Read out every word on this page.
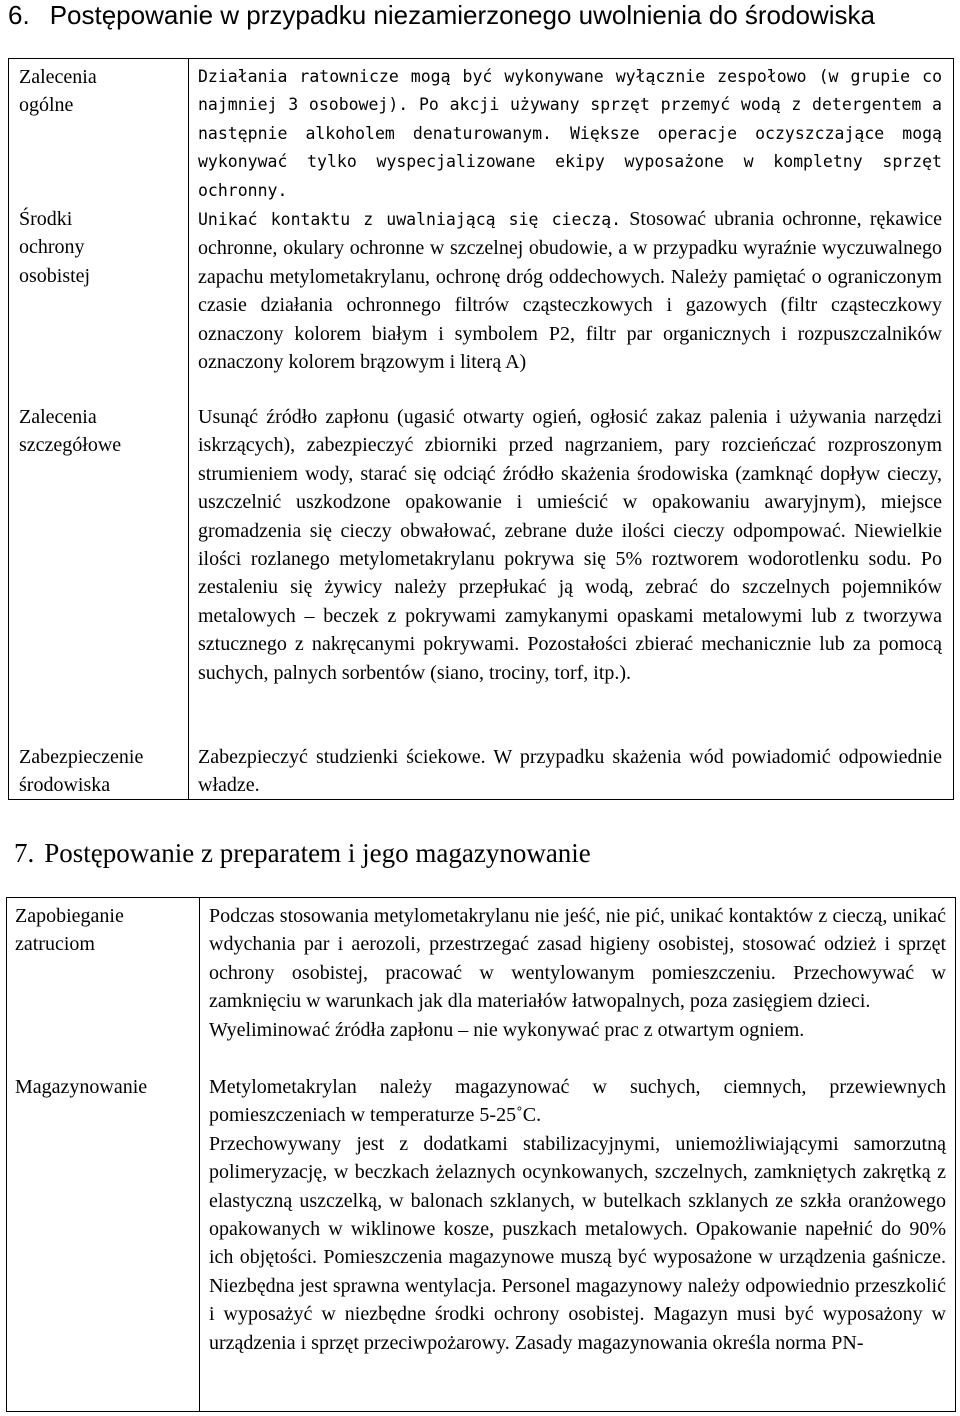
6. Postępowanie w przypadku niezamierzonego uwolnienia do środowiska
Zalecenia
ogólne

Działania ratownicze mogą być wykonywane wyłącznie zespołowo (w grupie co najmniej 3 osobowej). Po akcji używany sprzęt przemyć wodą z detergentem a następnie alkoholem denaturowanym. Większe operacje oczyszczające mogą wykonywać tylko wyspecjalizowane ekipy wyposażone w kompletny sprzęt ochronny.

Środki
ochrony
osobistej

Unikać kontaktu z uwalniającą się cieczą. Stosować ubrania ochronne, rękawice ochronne, okulary ochronne w szczelnej obudowie, a w przypadku wyraźnie wyczuwalnego zapachu metylometakrylanu, ochronę dróg oddechowych. Należy pamiętać o ograniczonym czasie działania ochronnego filtrów cząsteczkowych i gazowych (filtr cząsteczkowy oznaczony kolorem białym i symbolem P2, filtr par organicznych i rozpuszczalników oznaczony kolorem brązowym i literą A)

Zalecenia
szczegółowe

Usunąć źródło zapłonu (ugasić otwarty ogień, ogłosić zakaz palenia i używania narzędzi iskrzących), zabezpieczyć zbiorniki przed nagrzaniem, pary rozcieńczać rozproszonym strumieniem wody, starać się odciąć źródło skażenia środowiska (zamknąć dopływ cieczy, uszczelnić uszkodzone opakowanie i umieścić w opakowaniu awaryjnym), miejsce gromadzenia się cieczy obwałować, zebrane duże ilości cieczy odpompować. Niewielkie ilości rozlanego metylometakrylanu pokrywa się 5% roztworem wodorotlenku sodu. Po zestaleniu się żywicy należy przepłukać ją wodą, zebrać do szczelnych pojemników metalowych – beczek z pokrywami zamykanymi opaskami metalowymi lub z tworzywa sztucznego z nakręcanymi pokrywami. Pozostałości zbierać mechanicznie lub za pomocą suchych, palnych sorbentów (siano, trociny, torf, itp.).

Zabezpieczenie
środowiska

Zabezpieczyć studzienki ściekowe. W przypadku skażenia wód powiadomić odpowiednie władze.

7. Postępowanie z preparatem i jego magazynowanie
Zapobieganie
zatruciom

Podczas stosowania metylometakrylanu nie jeść, nie pić, unikać kontaktów z cieczą, unikać wdychania par i aerozoli, przestrzegać zasad higieny osobistej, stosować odzież i sprzęt ochrony osobistej, pracować w wentylowanym pomieszczeniu. Przechowywać w zamknięciu w warunkach jak dla materiałów łatwopalnych, poza zasięgiem dzieci.

Wyeliminować źródła zapłonu – nie wykonywać prac z otwartym ogniem.

Magazynowanie	Metylometakrylan należy magazynować w suchych, ciemnych, przewiewnych pomieszczeniach w temperaturze 5-25˚C.

Przechowywany jest z dodatkami stabilizacyjnymi, uniemożliwiającymi samorzutną polimeryzację, w beczkach żelaznych ocynkowanych, szczelnych, zamkniętych zakrętką z elastyczną uszczelką, w balonach szklanych, w butelkach szklanych ze szkła oranżowego opakowanych w wiklinowe kosze, puszkach metalowych. Opakowanie napełnić do 90% ich objętości. Pomieszczenia magazynowe muszą być wyposażone w urządzenia gaśnicze. Niezbędna jest sprawna wentylacja. Personel magazynowy należy odpowiednio przeszkolić i wyposażyć w niezbędne środki ochrony osobistej. Magazyn musi być wyposażony w urządzenia i sprzęt przeciwpożarowy. Zasady magazynowania określa norma PN-
